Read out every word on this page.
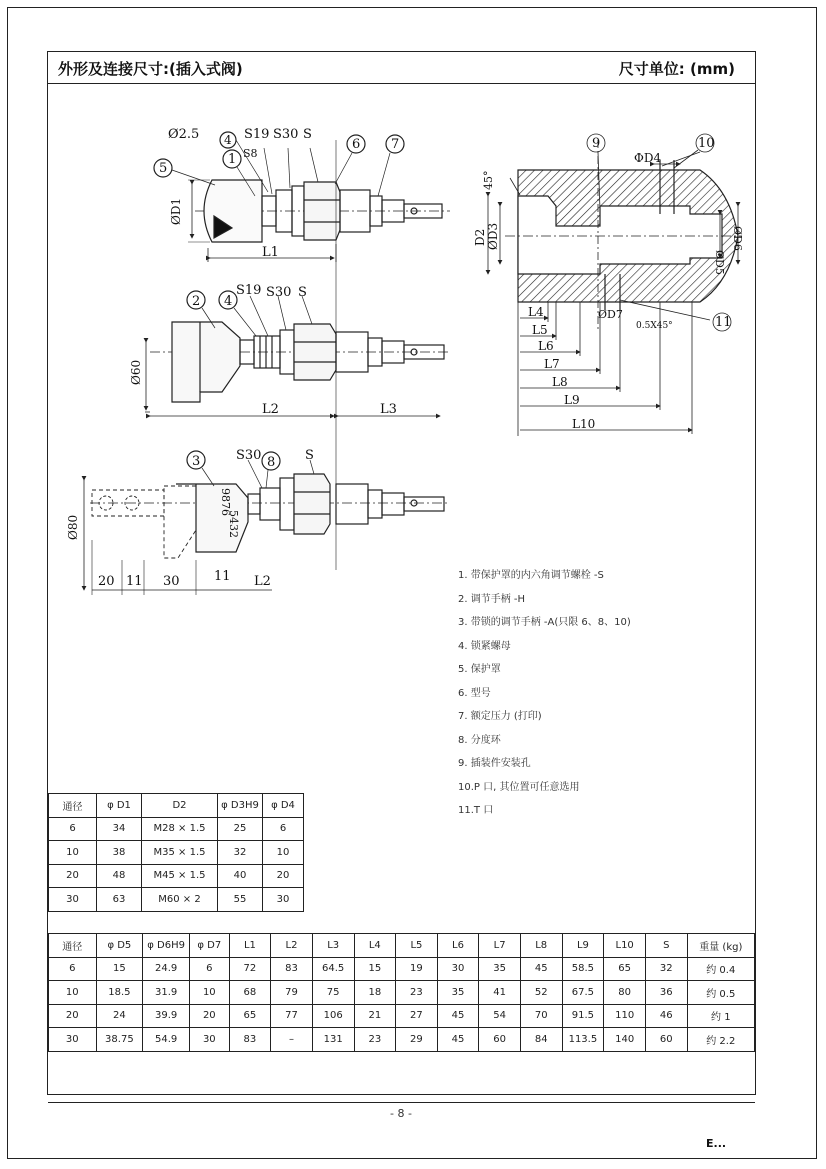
外形及连接尺寸:(插入式阀)	尺寸单位: (mm)
Ø2.5	S19 S30 S
S8
5
1
4	6 7
L1
ØD1
2 4
S19 S30 S
L2	L3
Ø60
3	8
S30	S
9876
5432
20 11 30	11 L2
Ø80
9	10
11
ΦD4
45°
D2 ØD3
ØD5
ØD6
ØD7
0.5X45°
L4
L5
L6
L7
L8
L9
L10
1. 带保护罩的内六角调节螺栓 -S
2. 调节手柄 -H
3. 带锁的调节手柄 -A(只限 6、8、10)
4. 锁紧螺母
5. 保护罩
6. 型号
7. 额定压力 (打印)
8. 分度环
9. 插装件安装孔
10.P 口, 其位置可任意选用
11.T 口
通径	φ D1	D2	φ D3H9	φ D4
6	34	M28 × 1.5	25	6
10	38	M35 × 1.5	32	10
20	48	M45 × 1.5	40	20
30	63	M60 × 2	55	30
通径	φ D5	φ D6H9	φ D7	L1	L2	L3	L4	L5	L6	L7	L8	L9	L10	S	重量 (kg)
6	15	24.9	6	72	83	64.5	15	19	30	35	45	58.5	65	32	约 0.4
10	18.5	31.9	10	68	79	75	18	23	35	41	52	67.5	80	36	约 0.5
20	24	39.9	20	65	77	106	21	27	45	54	70	91.5	110	46	约 1
30	38.75	54.9	30	83	–	131	23	29	45	60	84	113.5	140	60	约 2.2
- 8 -
E...
